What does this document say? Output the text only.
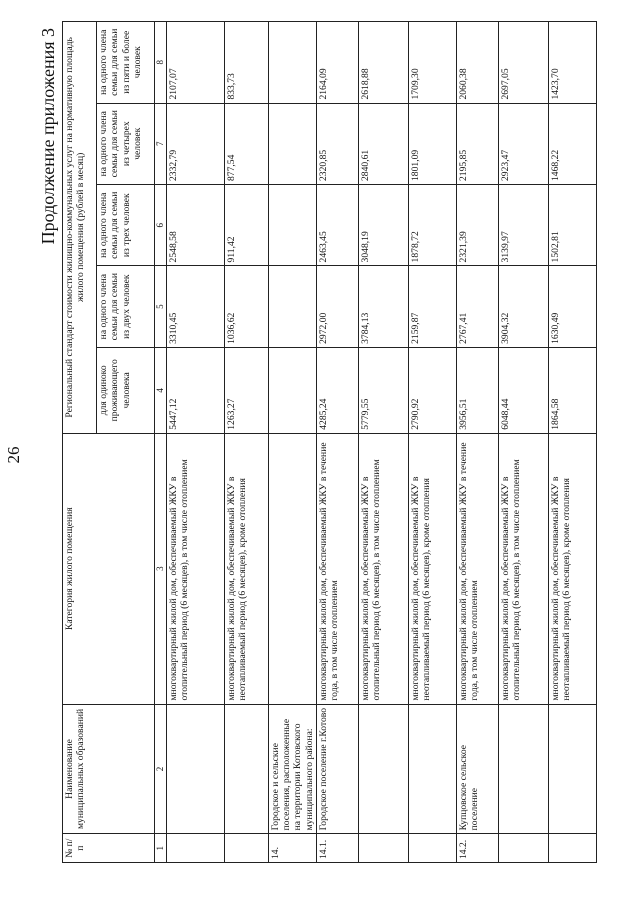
26
Продолжение приложения 3
№ п/п	Наименование муниципальных образований	Категория жилого помещения	Региональный стандарт стоимости жилищно-коммунальных услуг на нормативную площадь жилого помещения (рублей в месяц)				
			для одиноко проживающего человека	на одного члена семьи для семьи из двух человек	на одного члена семьи для семьи из трех человек	на одного члена семьи для семьи из четырех человек	на одного члена семьи для семьи из пяти и более человек
1	2	3	4	5	6	7	8
		многоквартирный жилой дом, обеспечиваемый ЖКУ в отопительный период (6 месяцев), в том числе отоплением	5447,12	3310,45	2548,58	2332,79	2107,07
		многоквартирный жилой дом, обеспечиваемый ЖКУ в неотапливаемый период (6 месяцев), кроме отопления	1263,27	1036,62	911,42	877,54	833,73
14.	Городское и сельские поселения, расположенные на территории Котовского муниципального района:						
14.1.	Городское поселение г.Котово	многоквартирный жилой дом, обеспечиваемый ЖКУ в течение года, в том числе отоплением	4285,24	2972,00	2463,45	2320,85	2164,09
		многоквартирный жилой дом, обеспечиваемый ЖКУ в отопительный период (6 месяцев), в том числе отоплением	5779,55	3784,13	3048,19	2840,61	2618,88
		многоквартирный жилой дом, обеспечиваемый ЖКУ в неотапливаемый период (6 месяцев), кроме отопления	2790,92	2159,87	1878,72	1801,09	1709,30
14.2.	Купцовское сельское поселение	многоквартирный жилой дом, обеспечиваемый ЖКУ в течение года, в том числе отоплением	3956,51	2767,41	2321,39	2195,85	2060,38
		многоквартирный жилой дом, обеспечиваемый ЖКУ в отопительный период (6 месяцев), в том числе отоплением	6048,44	3904,32	3139,97	2923,47	2697,05
		многоквартирный жилой дом, обеспечиваемый ЖКУ в неотапливаемый период (6 месяцев), кроме отопления	1864,58	1630,49	1502,81	1468,22	1423,70
